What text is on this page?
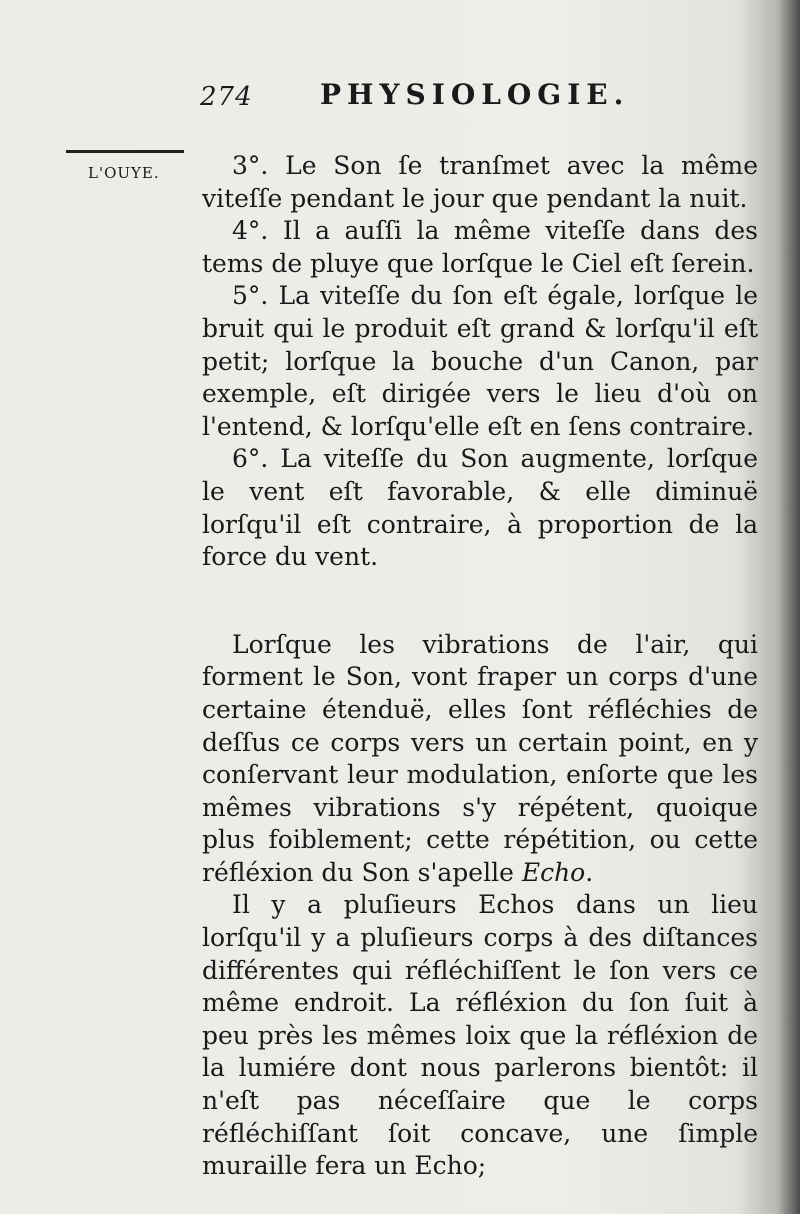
274 PHYSIOLOGIE.
L'OUYE.	3°. Le Son ſe tranſmet avec la même viteſſe pendant le jour que pendant la nuit.

4°. Il a auſſi la même viteſſe dans des tems de pluye que lorſque le Ciel eſt ſerein.

5°. La viteſſe du ſon eſt égale, lorſque le bruit qui le produit eſt grand & lorſqu'il eſt petit; lorſque la bouche d'un Canon, par exemple, eſt dirigée vers le lieu d'où on l'entend, & lorſqu'elle eſt en ſens contraire.

6°. La viteſſe du Son augmente, lorſque le vent eſt favorable, & elle diminuë lorſqu'il eſt contraire, à proportion de la force du vent.

Lorſque les vibrations de l'air, qui forment le Son, vont fraper un corps d'une certaine étenduë, elles ſont réfléchies de deſſus ce corps vers un certain point, en y conſervant leur modulation, enſorte que les mêmes vibrations s'y répétent, quoique plus foiblement; cette répétition, ou cette réfléxion du Son s'apelle Echo.

Il y a pluſieurs Echos dans un lieu lorſqu'il y a pluſieurs corps à des diſtances différentes qui réfléchiſſent le ſon vers ce même endroit. La réfléxion du ſon ſuit à peu près les mêmes loix que la réfléxion de la lumiére dont nous parlerons bientôt: il n'eſt pas néceſſaire que le corps réfléchiſſant ſoit concave, une ſimple muraille fera un Echo;
